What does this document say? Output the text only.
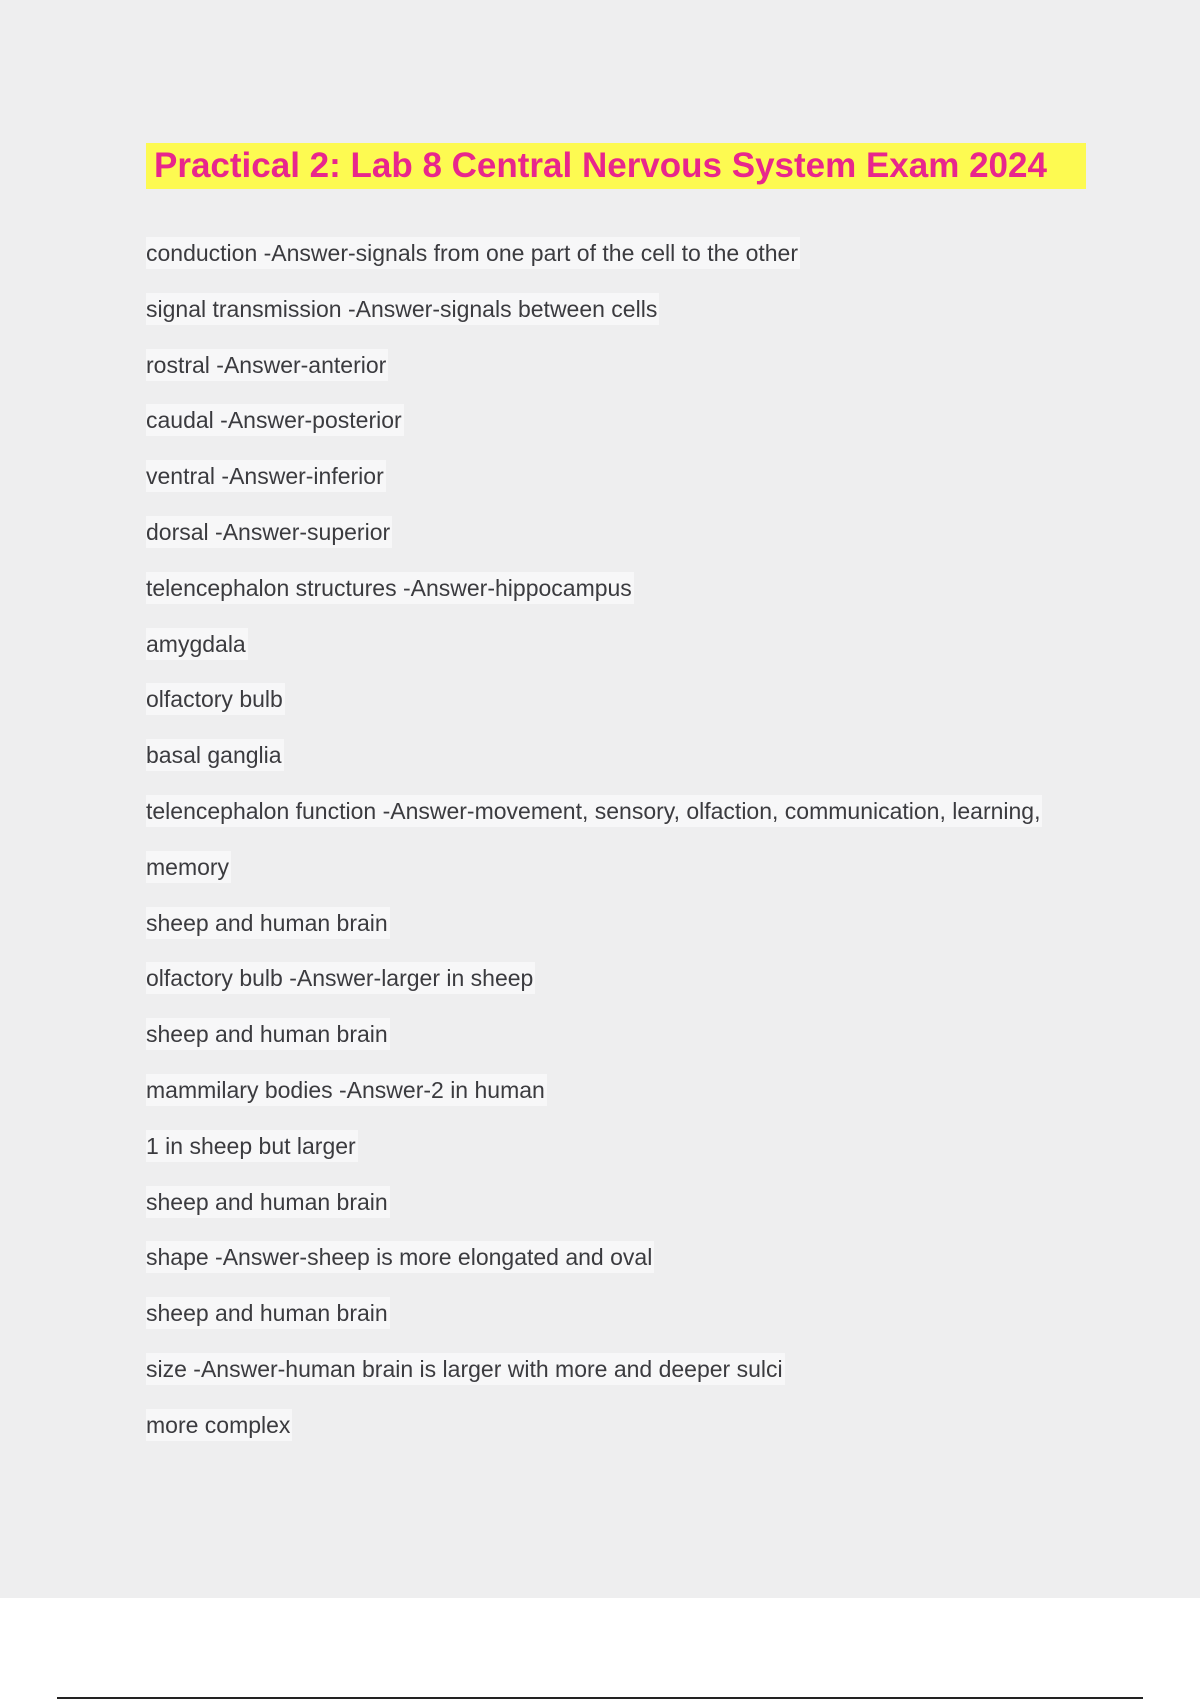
Practical 2: Lab 8 Central Nervous System Exam 2024
conduction -Answer-signals from one part of the cell to the other
signal transmission -Answer-signals between cells
rostral -Answer-anterior
caudal -Answer-posterior
ventral -Answer-inferior
dorsal -Answer-superior
telencephalon structures -Answer-hippocampus
amygdala
olfactory bulb
basal ganglia
telencephalon function -Answer-movement, sensory, olfaction, communication, learning,
memory
sheep and human brain
olfactory bulb -Answer-larger in sheep
sheep and human brain
mammilary bodies -Answer-2 in human
1 in sheep but larger
sheep and human brain
shape -Answer-sheep is more elongated and oval
sheep and human brain
size -Answer-human brain is larger with more and deeper sulci
more complex
